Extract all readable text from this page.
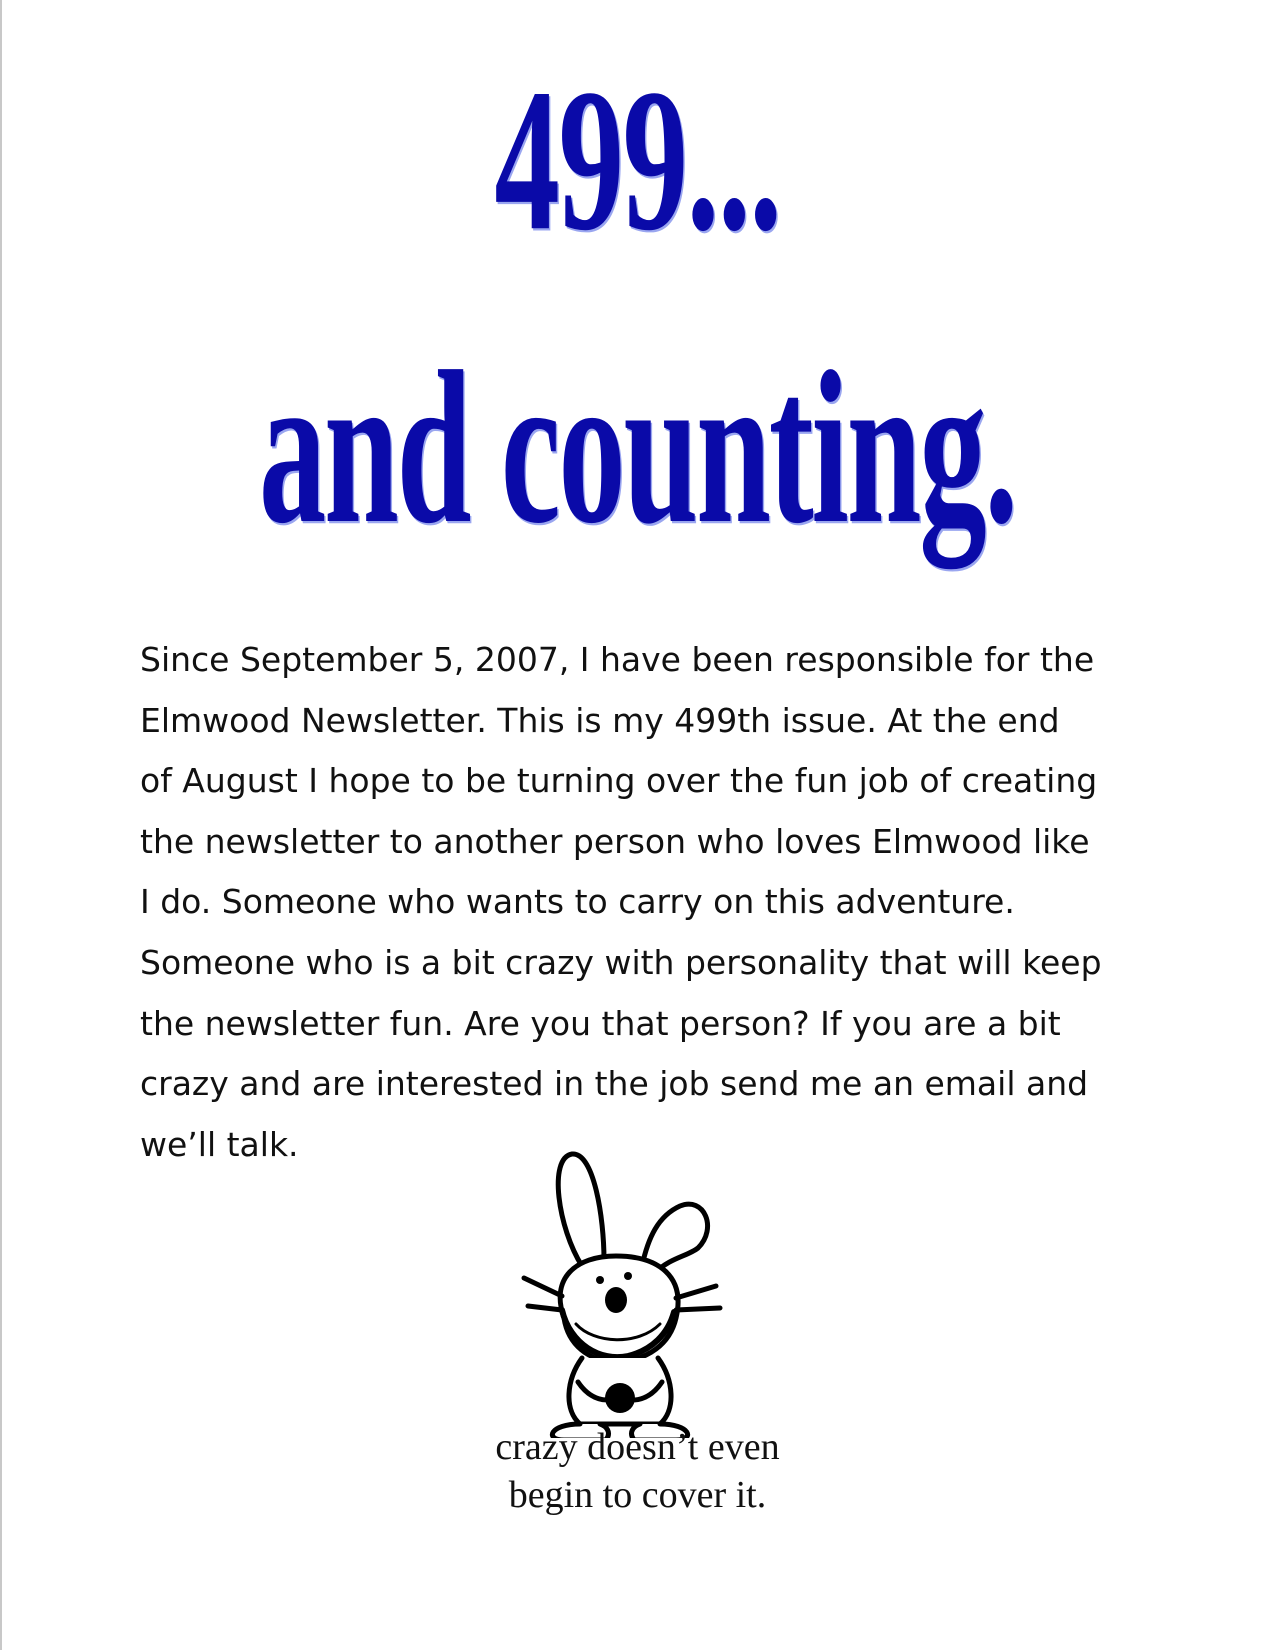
499...
and counting.

Since September 5, 2007, I have been responsible for the
Elmwood Newsletter. This is my 499th issue. At the end
of August I hope to be turning over the fun job of creating
the newsletter to another person who loves Elmwood like
I do. Someone who wants to carry on this adventure.
Someone who is a bit crazy with personality that will keep
the newsletter fun. Are you that person? If you are a bit
crazy and are interested in the job send me an email and
we’ll talk.

crazy doesn’t even
begin to cover it.
